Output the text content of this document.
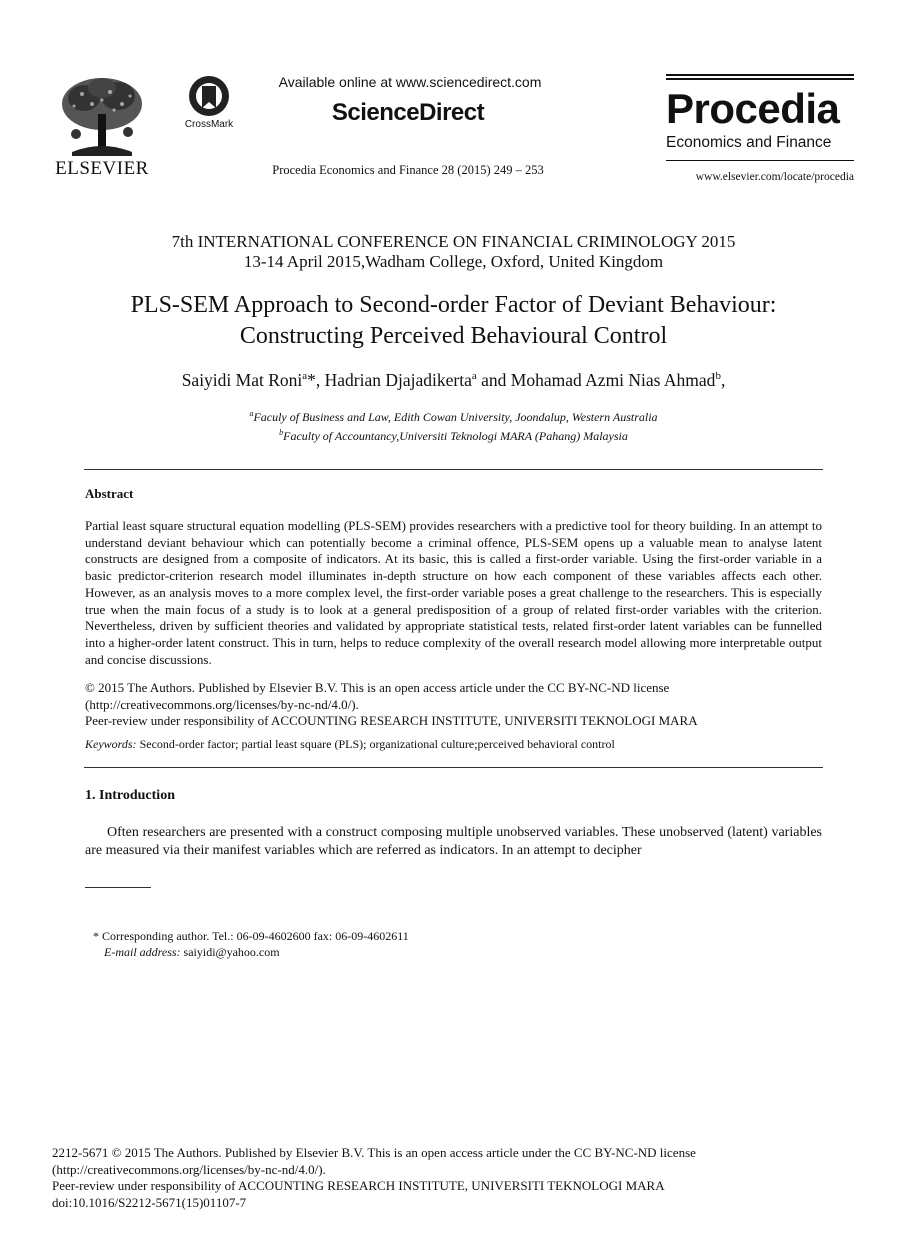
ELSEVIER
CrossMark
Available online at www.sciencedirect.com
ScienceDirect
Procedia Economics and Finance 28 (2015) 249 – 253
Procedia
Economics and Finance
www.elsevier.com/locate/procedia
7th INTERNATIONAL CONFERENCE ON FINANCIAL CRIMINOLOGY 2015
13-14 April 2015,Wadham College, Oxford, United Kingdom
PLS-SEM Approach to Second-order Factor of Deviant Behaviour:
Constructing Perceived Behavioural Control
Saiyidi Mat Roni$^a$*, Hadrian Djajadikerta$^a$ and Mohamad Azmi Nias Ahmad$^b$,
$^a$Faculy of Business and Law, Edith Cowan University, Joondalup, Western Australia
$^b$Faculty of Accountancy,Universiti Teknologi MARA (Pahang) Malaysia
Abstract
Partial least square structural equation modelling (PLS-SEM) provides researchers with a predictive tool for theory building. In an attempt to understand deviant behaviour which can potentially become a criminal offence, PLS-SEM opens up a valuable mean to analyse latent constructs are designed from a composite of indicators. At its basic, this is called a first-order variable. Using the first-order variable in a basic predictor-criterion research model illuminates in-depth structure on how each component of these variables affects each other. However, as an analysis moves to a more complex level, the first-order variable poses a great challenge to the researchers. This is especially true when the main focus of a study is to look at a general predisposition of a group of related first-order variables with the criterion. Nevertheless, driven by sufficient theories and validated by appropriate statistical tests, related first-order latent variables can be funnelled into a higher-order latent construct. This in turn, helps to reduce complexity of the overall research model allowing more interpretable output and concise discussions.
© 2015 The Authors. Published by Elsevier B.V. This is an open access article under the CC BY-NC-ND license
(http://creativecommons.org/licenses/by-nc-nd/4.0/).
Peer-review under responsibility of ACCOUNTING RESEARCH INSTITUTE, UNIVERSITI TEKNOLOGI MARA
Keywords: Second-order factor; partial least square (PLS); organizational culture;perceived behavioral control
1. Introduction
Often researchers are presented with a construct composing multiple unobserved variables. These unobserved (latent) variables are measured via their manifest variables which are referred as indicators. In an attempt to decipher
* Corresponding author. Tel.: 06-09-4602600 fax: 06-09-4602611
E-mail address: saiyidi@yahoo.com
2212-5671 © 2015 The Authors. Published by Elsevier B.V. This is an open access article under the CC BY-NC-ND license
(http://creativecommons.org/licenses/by-nc-nd/4.0/).
Peer-review under responsibility of ACCOUNTING RESEARCH INSTITUTE, UNIVERSITI TEKNOLOGI MARA
doi:10.1016/S2212-5671(15)01107-7
